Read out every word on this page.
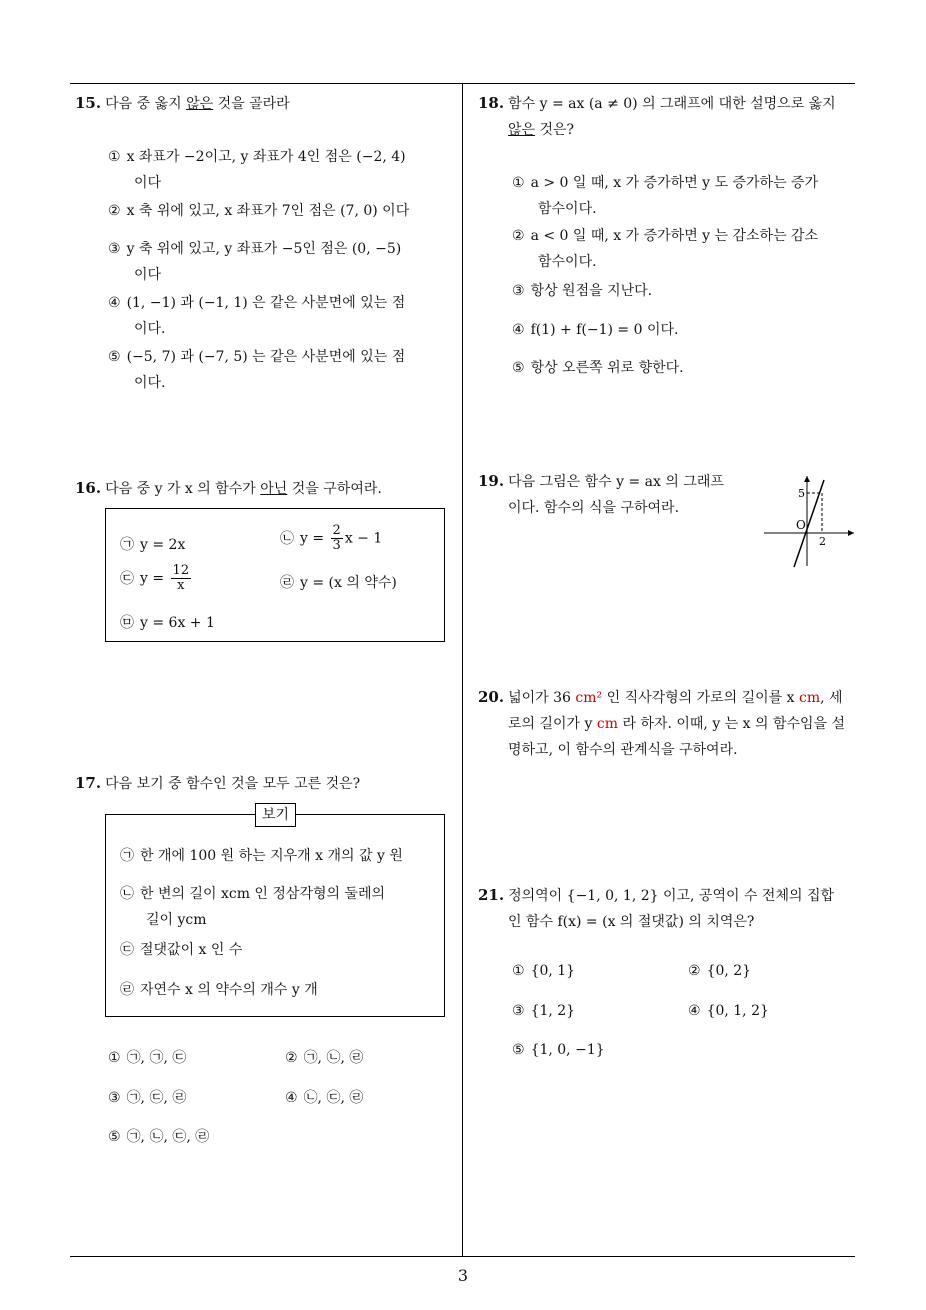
3
15. 다음 중 옳지 않은 것을 골라라
① x 좌표가 −2이고, y 좌표가 4인 점은 (−2, 4)
이다
② x 축 위에 있고, x 좌표가 7인 점은 (7, 0) 이다
③ y 축 위에 있고, y 좌표가 −5인 점은 (0, −5)
이다
④ (1, −1) 과 (−1, 1) 은 같은 사분면에 있는 점
이다.
⑤ (−5, 7) 과 (−7, 5) 는 같은 사분면에 있는 점
이다.
16. 다음 중 y 가 x 의 함수가 아닌 것을 구하여라.
㉠ y = 2x	㉡ $y = \frac{2}{3}$ x − 1
㉢ $y = \frac{12}{x}$	㉣ y = (x 의 약수)
㉤ y = 6x + 1
17. 다음 보기 중 함수인 것을 모두 고른 것은?
보기
㉠ 한 개에 100 원 하는 지우개 x 개의 값 y 원
㉡ 한 변의 길이 xcm 인 정삼각형의 둘레의
길이 ycm
㉢ 절댓값이 x 인 수
㉣ 자연수 x 의 약수의 개수 y 개
① ㉠, ㉠, ㉢	② ㉠, ㉡, ㉣
③ ㉠, ㉢, ㉣	④ ㉡, ㉢, ㉣
⑤ ㉠, ㉡, ㉢, ㉣
18. 함수 y = ax (a ≠ 0) 의 그래프에 대한 설명으로 옳지
않은 것은?
① a > 0 일 때, x 가 증가하면 y 도 증가하는 증가
함수이다.
② a < 0 일 때, x 가 증가하면 y 는 감소하는 감소
함수이다.
③ 항상 원점을 지난다.
④ f(1) + f(−1) = 0 이다.
⑤ 항상 오른쪽 위로 향한다.
19. 다음 그림은 함수 y = ax 의 그래프
이다. 함수의 식을 구하여라.
5
2
O
20. 넓이가 36 cm² 인 직사각형의 가로의 길이를 x cm, 세
로의 길이가 y cm 라 하자. 이때, y 는 x 의 함수임을 설
명하고, 이 함수의 관계식을 구하여라.
21. 정의역이 {−1, 0, 1, 2} 이고, 공역이 수 전체의 집합
인 함수 f(x) = (x 의 절댓값) 의 치역은?
① {0, 1}	② {0, 2}
③ {1, 2}	④ {0, 1, 2}
⑤ {1, 0, −1}
